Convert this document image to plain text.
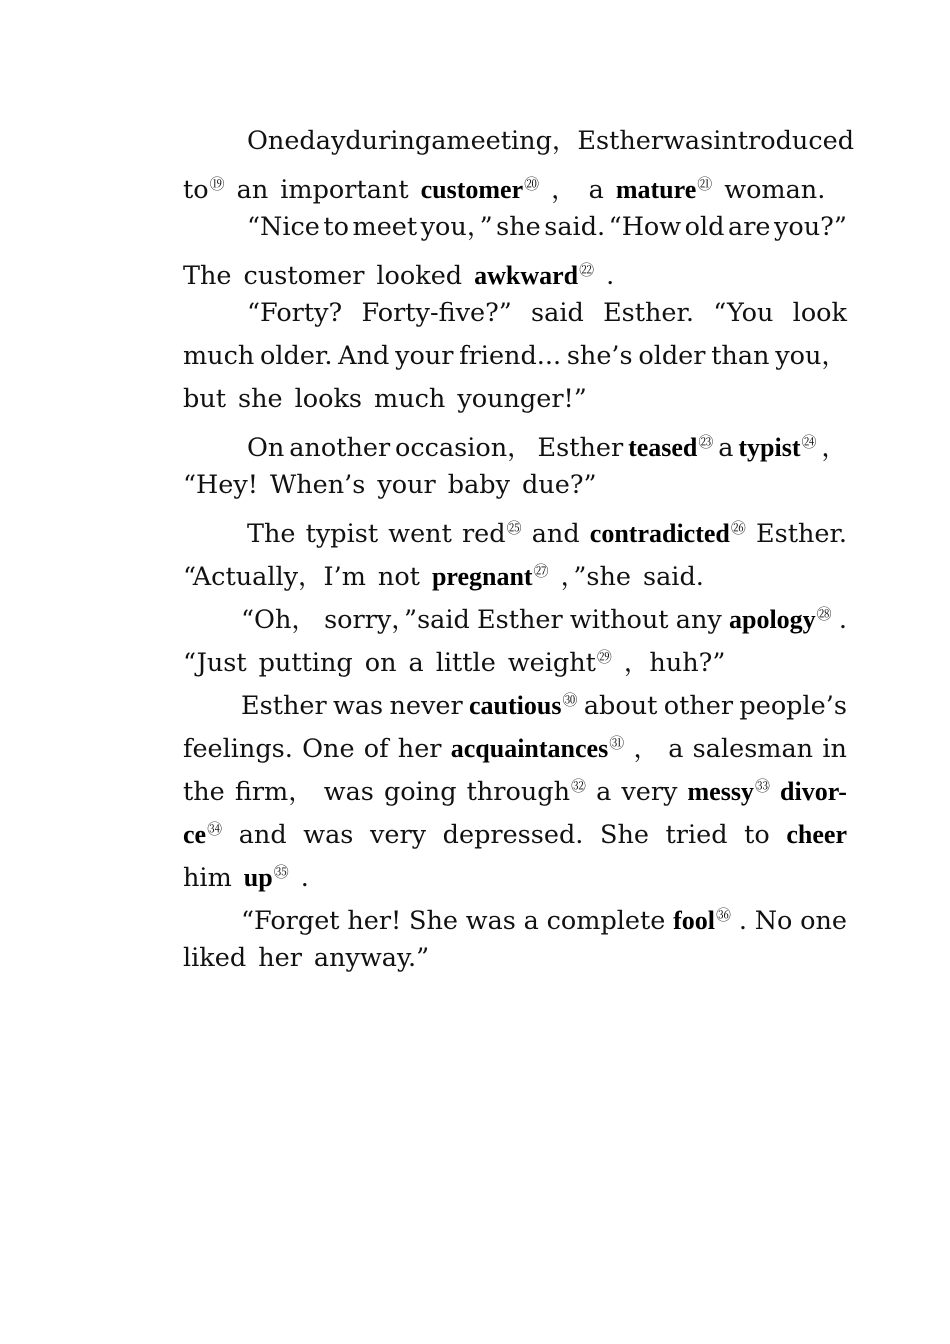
One day during a meeting， Esther was introduced
to⑲ an important customer⑳ ， a mature$^㉑$ woman.
“Nice to meet you，” she said. “How old are you?”
The customer looked awkward$^㉒$ .
“Forty? Forty-five?” said Esther. “You look
much older. And your friend... she’s older than you，
but she looks much younger!”
On another occasion， Esther teased$^㉓$ a typist$^㉔$ ，
“Hey! When’s your baby due?”
The typist went red$^㉕$ and contradicted$^㉖$ Esther.
“Actually，I’m not pregnant$^㉗$ ，”she said.
“Oh， sorry，”said Esther without any apology$^㉘$ .
“Just putting on a little weight$^㉙$ ，huh?”
Esther was never cautious$^㉚$ about other people’s
feelings. One of her acquaintances$^㉛$ ， a salesman in
the firm， was going through$^㉜$ a very messy$^㉝$ divor-
ce$^㉞$ and was very depressed. She tried to cheer
him up$^㉟$ .
“Forget her! She was a complete fool$^㊱$ . No one
liked her anyway.”
